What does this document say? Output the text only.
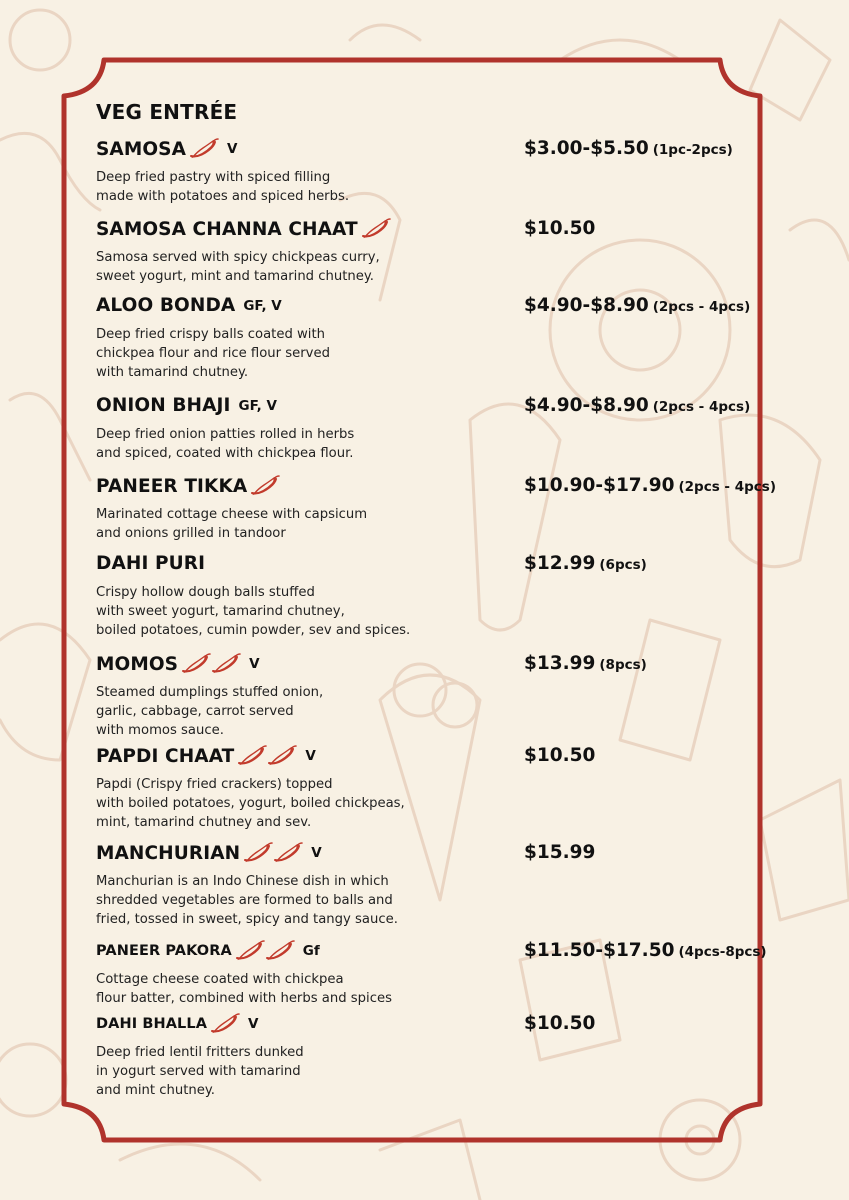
VEG ENTRÉE
SAMOSA	V
Deep fried pastry with spiced filling
made with potatoes and spiced herbs.
$3.00-$5.50 (1pc-2pcs)
SAMOSA CHANNA CHAAT
Samosa served with spicy chickpeas curry,
sweet yogurt, mint and tamarind chutney.
$10.50
ALOO BONDA GF, V
Deep fried crispy balls coated with
chickpea flour and rice flour served
with tamarind chutney.
$4.90-$8.90 (2pcs - 4pcs)
ONION BHAJI GF, V
Deep fried onion patties rolled in herbs
and spiced, coated with chickpea flour.
$4.90-$8.90 (2pcs - 4pcs)
PANEER TIKKA
Marinated cottage cheese with capsicum
and onions grilled in tandoor
$10.90-$17.90 (2pcs - 4pcs)
DAHI PURI
Crispy hollow dough balls stuffed
with sweet yogurt, tamarind chutney,
boiled potatoes, cumin powder, sev and spices.
$12.99 (6pcs)
MOMOS	V
Steamed dumplings stuffed onion,
garlic, cabbage, carrot served
with momos sauce.
$13.99 (8pcs)
PAPDI CHAAT	V
Papdi (Crispy fried crackers) topped
with boiled potatoes, yogurt, boiled chickpeas,
mint, tamarind chutney and sev.
$10.50
MANCHURIAN	V
Manchurian is an Indo Chinese dish in which
shredded vegetables are formed to balls and
fried, tossed in sweet, spicy and tangy sauce.
$15.99
PANEER PAKORA	Gf
Cottage cheese coated with chickpea
flour batter, combined with herbs and spices
$11.50-$17.50 (4pcs-8pcs)
DAHI BHALLA	V
Deep fried lentil fritters dunked
in yogurt served with tamarind
and mint chutney.
$10.50
